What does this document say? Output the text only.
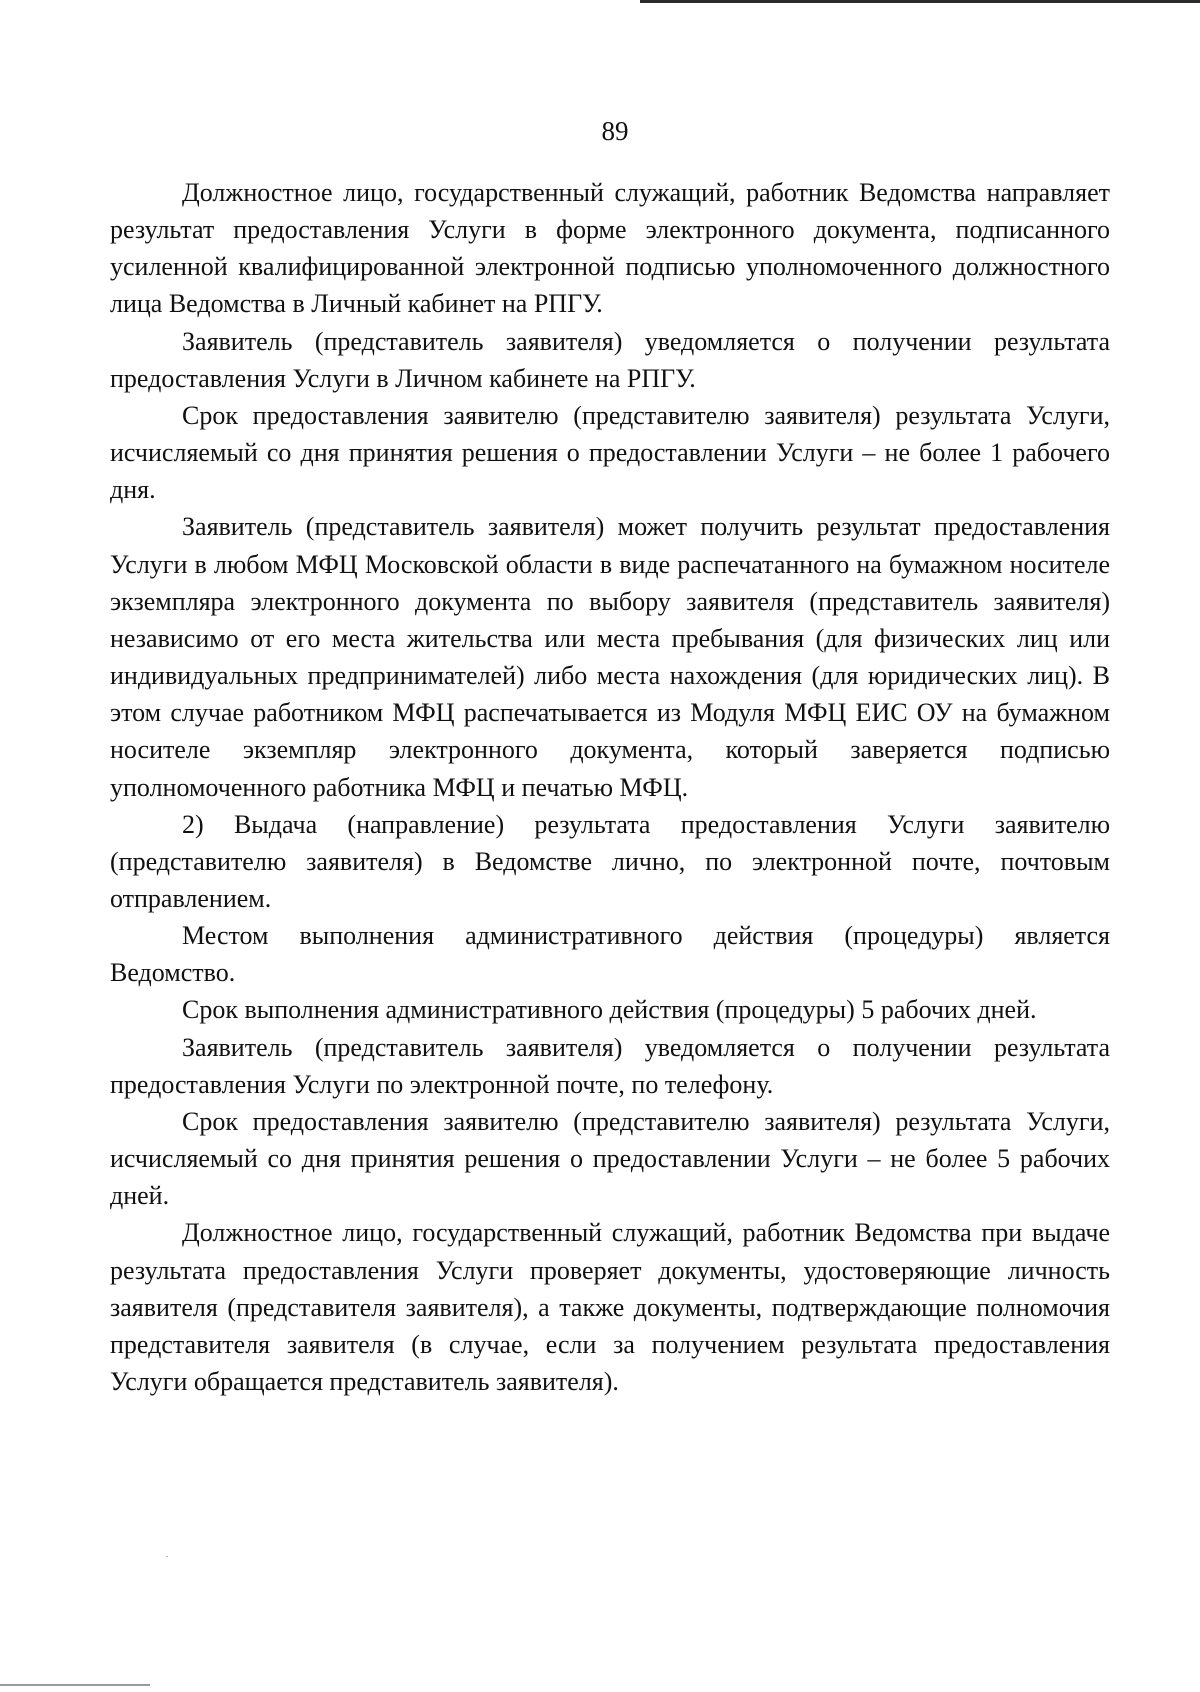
89

Должностное лицо, государственный служащий, работник Ведомства направляет результат предоставления Услуги в форме электронного документа, подписанного усиленной квалифицированной электронной подписью уполномоченного должностного лица Ведомства в Личный кабинет на РПГУ.

Заявитель (представитель заявителя) уведомляется о получении результата предоставления Услуги в Личном кабинете на РПГУ.

Срок предоставления заявителю (представителю заявителя) результата Услуги, исчисляемый со дня принятия решения о предоставлении Услуги – не более 1 рабочего дня.

Заявитель (представитель заявителя) может получить результат предоставления Услуги в любом МФЦ Московской области в виде распечатанного на бумажном носителе экземпляра электронного документа по выбору заявителя (представитель заявителя) независимо от его места жительства или места пребывания (для физических лиц или индивидуальных предпринимателей) либо места нахождения (для юридических лиц). В этом случае работником МФЦ распечатывается из Модуля МФЦ ЕИС ОУ на бумажном носителе экземпляр электронного документа, который заверяется подписью уполномоченного работника МФЦ и печатью МФЦ.

2) Выдача (направление) результата предоставления Услуги заявителю (представителю заявителя) в Ведомстве лично, по электронной почте, почтовым отправлением.

Местом выполнения административного действия (процедуры) является Ведомство.

Срок выполнения административного действия (процедуры) 5 рабочих дней.

Заявитель (представитель заявителя) уведомляется о получении результата предоставления Услуги по электронной почте, по телефону.

Срок предоставления заявителю (представителю заявителя) результата Услуги, исчисляемый со дня принятия решения о предоставлении Услуги – не более 5 рабочих дней.

Должностное лицо, государственный служащий, работник Ведомства при выдаче результата предоставления Услуги проверяет документы, удостоверяющие личность заявителя (представителя заявителя), а также документы, подтверждающие полномочия представителя заявителя (в случае, если за получением результата предоставления Услуги обращается представитель заявителя).
